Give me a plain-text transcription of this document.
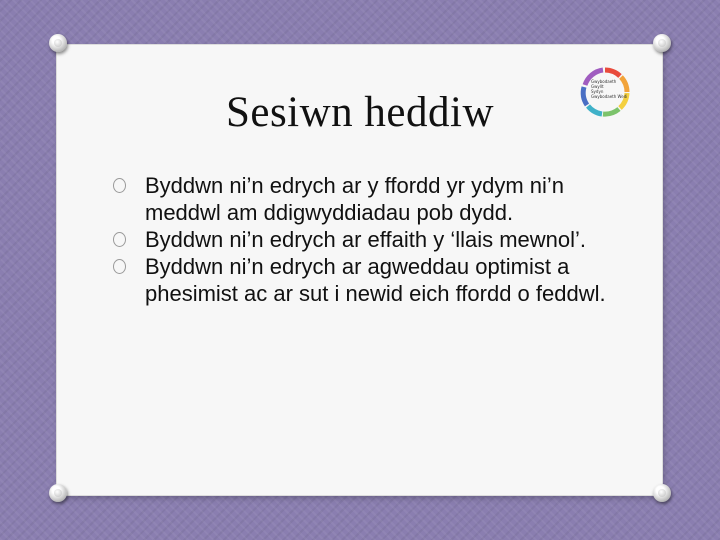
Sesiwn heddiw
Gwybodaeth
Gwyllt
Sydyn
Gwybodaeth Wedi
Byddwn ni’n edrych ar y ffordd yr ydym ni’n meddwl am ddigwyddiadau pob dydd.
Byddwn ni’n edrych ar effaith y ‘llais mewnol’.
Byddwn ni’n edrych ar agweddau optimist a phesimist ac ar sut i newid eich ffordd o feddwl.
